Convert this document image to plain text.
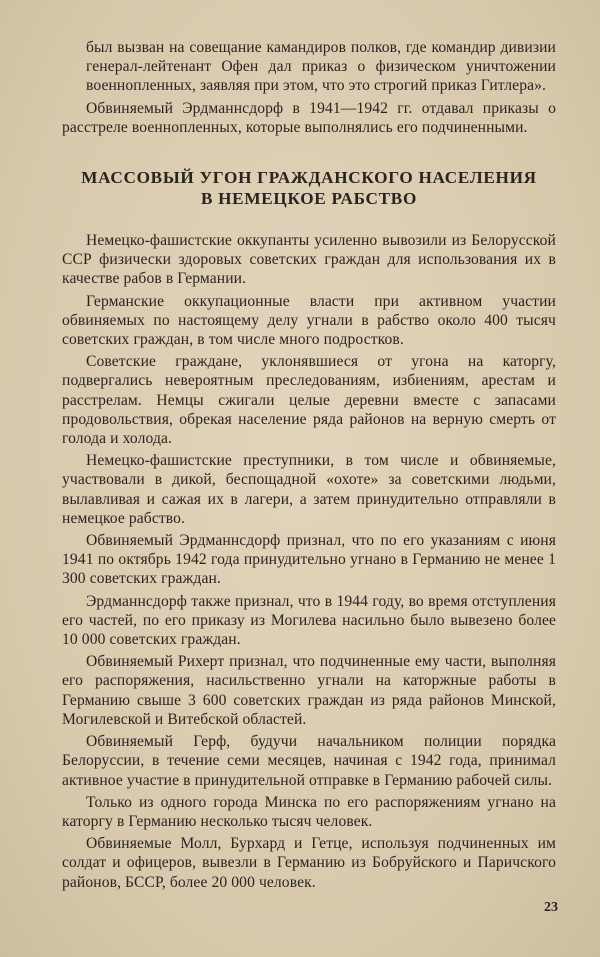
был вызван на совещание камандиров полков, где командир дивизии генерал-лейтенант Офен дал приказ о физическом уничтожении военнопленных, заявляя при этом, что это строгий приказ Гитлера».

Обвиняемый Эрдманнсдорф в 1941—1942 гг. отдавал приказы о расстреле военнопленных, которые выполнялись его подчиненными.

МАССОВЫЙ УГОН ГРАЖДАНСКОГО НАСЕЛЕНИЯ
В НЕМЕЦКОЕ РАБСТВО

Немецко-фашистские оккупанты усиленно вывозили из Белорусской ССР физически здоровых советских граждан для использования их в качестве рабов в Германии.

Германские оккупационные власти при активном участии обвиняемых по настоящему делу угнали в рабство около 400 тысяч советских граждан, в том числе много подростков.

Советские граждане, уклонявшиеся от угона на каторгу, подвергались невероятным преследованиям, избиениям, арестам и расстрелам. Немцы сжигали целые деревни вместе с запасами продовольствия, обрекая население ряда районов на верную смерть от голода и холода.

Немецко-фашистские преступники, в том числе и обвиняемые, участвовали в дикой, беспощадной «охоте» за советскими людьми, вылавливая и сажая их в лагери, а затем принудительно отправляли в немецкое рабство.

Обвиняемый Эрдманнсдорф признал, что по его указаниям с июня 1941 по октябрь 1942 года принудительно угнано в Германию не менее 1 300 советских граждан.

Эрдманнсдорф также признал, что в 1944 году, во время отступления его частей, по его приказу из Могилева насильно было вывезено более 10 000 советских граждан.

Обвиняемый Рихерт признал, что подчиненные ему части, выполняя его распоряжения, насильственно угнали на каторжные работы в Германию свыше 3 600 советских граждан из ряда районов Минской, Могилевской и Витебской областей.

Обвиняемый Герф, будучи начальником полиции порядка Белоруссии, в течение семи месяцев, начиная с 1942 года, принимал активное участие в принудительной отправке в Германию рабочей силы.

Только из одного города Минска по его распоряжениям угнано на каторгу в Германию несколько тысяч человек.

Обвиняемые Молл, Бурхард и Гетце, используя подчиненных им солдат и офицеров, вывезли в Германию из Бобруйского и Паричского районов, БССР, более 20 000 человек.

23
